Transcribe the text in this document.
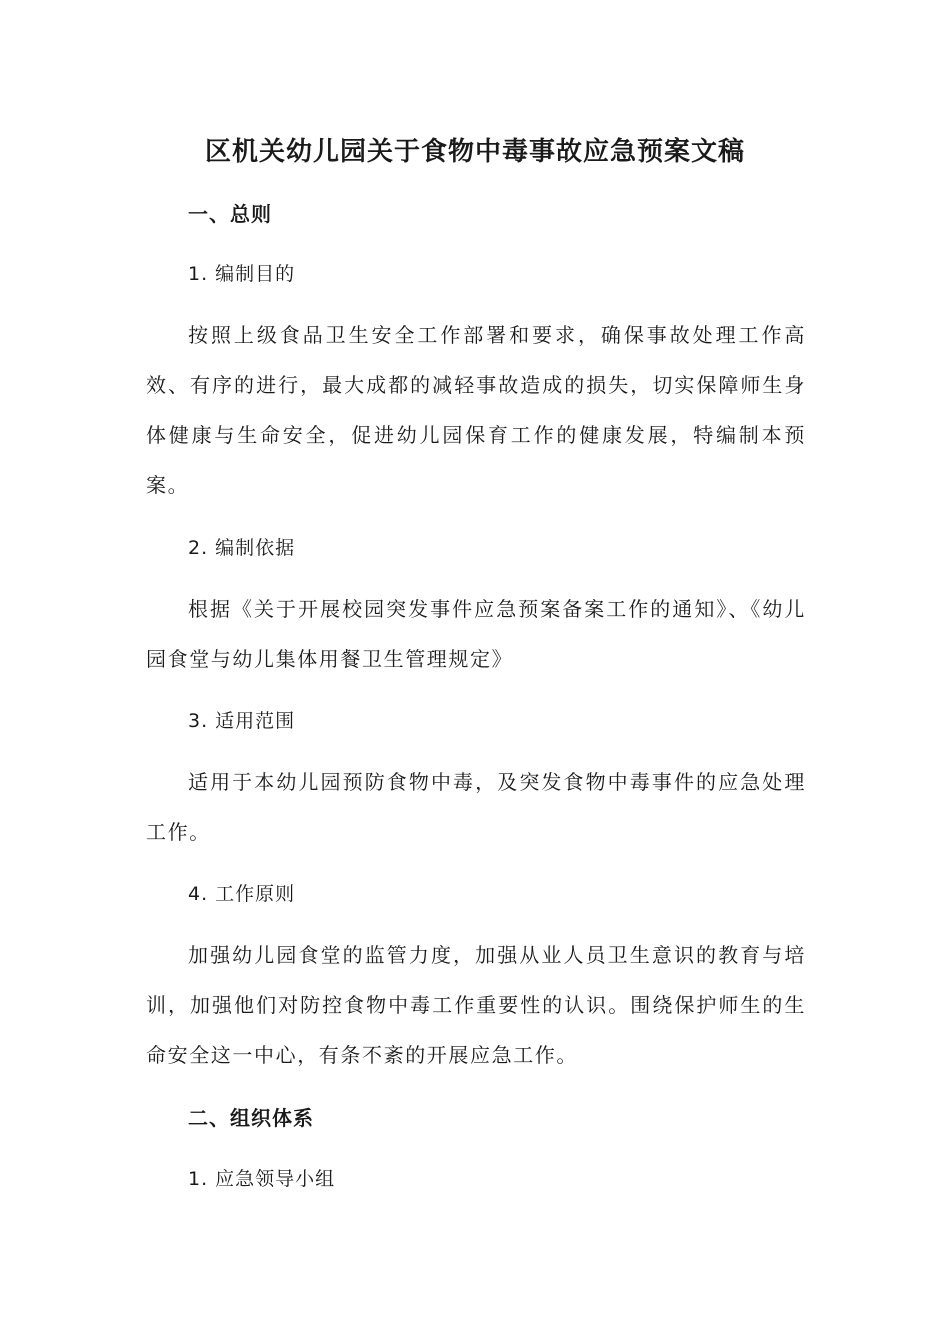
区机关幼儿园关于食物中毒事故应急预案文稿
一、总则

1. 编制目的

按照上级食品卫生安全工作部署和要求，确保事故处理工作高效、有序的进行，最大成都的减轻事故造成的损失，切实保障师生身体健康与生命安全，促进幼儿园保育工作的健康发展，特编制本预案。

2. 编制依据

根据《关于开展校园突发事件应急预案备案工作的通知》、《幼儿园食堂与幼儿集体用餐卫生管理规定》

3. 适用范围

适用于本幼儿园预防食物中毒，及突发食物中毒事件的应急处理工作。

4. 工作原则

加强幼儿园食堂的监管力度，加强从业人员卫生意识的教育与培训，加强他们对防控食物中毒工作重要性的认识。围绕保护师生的生命安全这一中心，有条不紊的开展应急工作。

二、组织体系

1. 应急领导小组
